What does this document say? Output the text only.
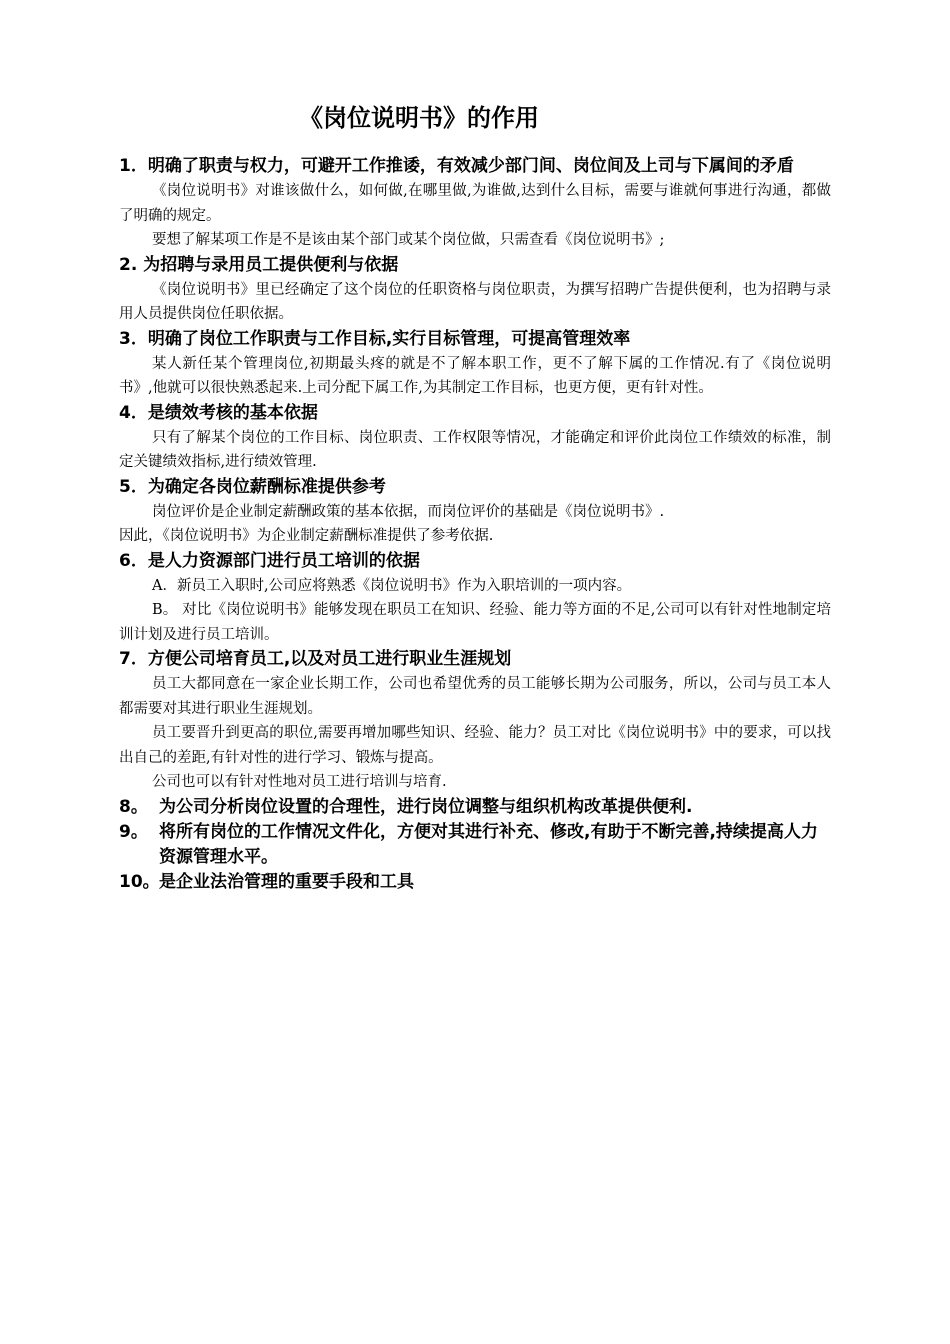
《岗位说明书》的作用

1．明确了职责与权力，可避开工作推诿，有效减少部门间、岗位间及上司与下属间的矛盾

《岗位说明书》对谁该做什么，如何做,在哪里做,为谁做,达到什么目标，需要与谁就何事进行沟通，都做了明确的规定。

要想了解某项工作是不是该由某个部门或某个岗位做，只需查看《岗位说明书》;

2. 为招聘与录用员工提供便利与依据

《岗位说明书》里已经确定了这个岗位的任职资格与岗位职责，为撰写招聘广告提供便利，也为招聘与录用人员提供岗位任职依据。

3．明确了岗位工作职责与工作目标,实行目标管理，可提高管理效率

某人新任某个管理岗位,初期最头疼的就是不了解本职工作，更不了解下属的工作情况.有了《岗位说明书》,他就可以很快熟悉起来.上司分配下属工作,为其制定工作目标，也更方便，更有针对性。

4．是绩效考核的基本依据

只有了解某个岗位的工作目标、岗位职责、工作权限等情况，才能确定和评价此岗位工作绩效的标准，制定关键绩效指标,进行绩效管理.

5．为确定各岗位薪酬标准提供参考

岗位评价是企业制定薪酬政策的基本依据，而岗位评价的基础是《岗位说明书》.

因此，《岗位说明书》为企业制定薪酬标准提供了参考依据.

6．是人力资源部门进行员工培训的依据

A．新员工入职时,公司应将熟悉《岗位说明书》作为入职培训的一项内容。

B。 对比《岗位说明书》能够发现在职员工在知识、经验、能力等方面的不足,公司可以有针对性地制定培训计划及进行员工培训。

7．方便公司培育员工,以及对员工进行职业生涯规划

员工大都同意在一家企业长期工作，公司也希望优秀的员工能够长期为公司服务，所以，公司与员工本人都需要对其进行职业生涯规划。

员工要晋升到更高的职位,需要再增加哪些知识、经验、能力？员工对比《岗位说明书》中的要求，可以找出自己的差距,有针对性的进行学习、锻炼与提高。

公司也可以有针对性地对员工进行培训与培育.

8。 为公司分析岗位设置的合理性，进行岗位调整与组织机构改革提供便利.

9。 将所有岗位的工作情况文件化，方便对其进行补充、修改,有助于不断完善,持续提高人力资源管理水平。

10。是企业法治管理的重要手段和工具
